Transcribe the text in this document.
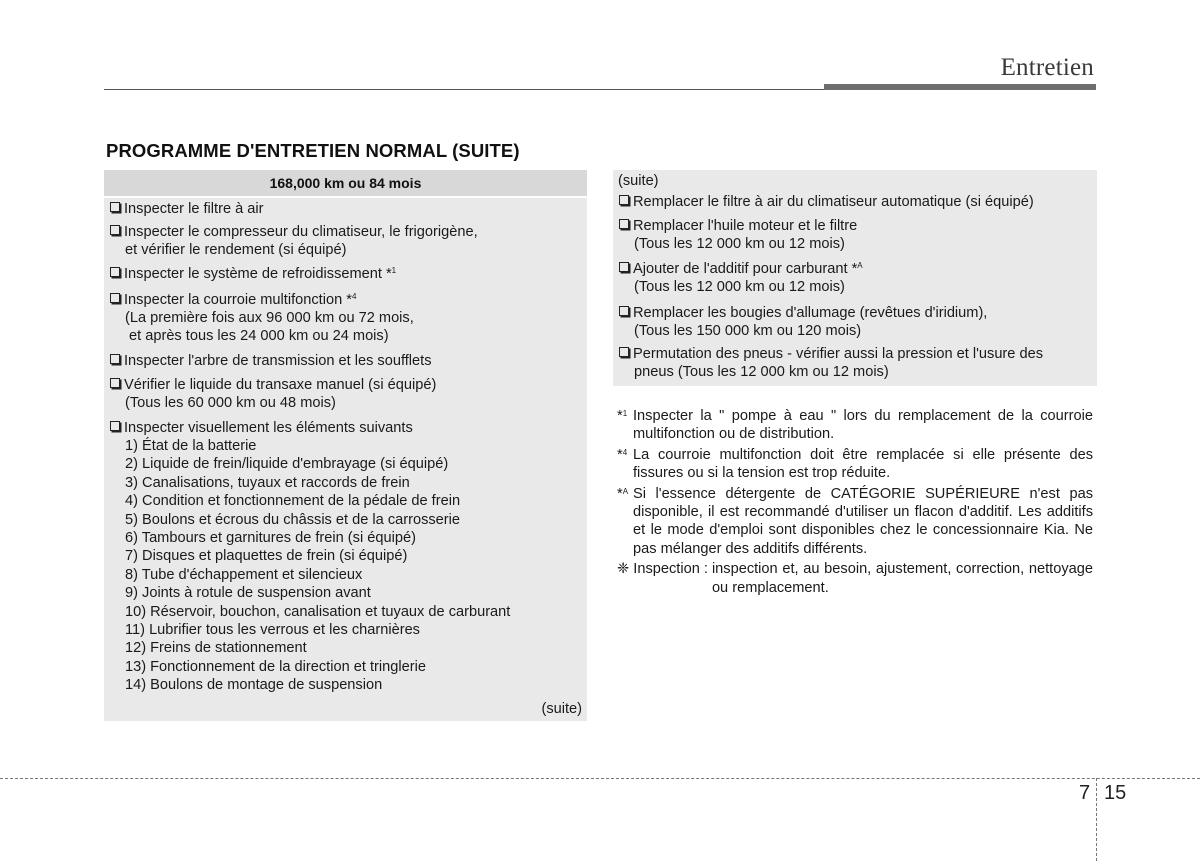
Entretien
PROGRAMME D'ENTRETIEN NORMAL (SUITE)
168,000 km ou 84 mois
Inspecter le filtre à air
Inspecter le compresseur du climatiseur, le frigorigène,
et vérifier le rendement (si équipé)
Inspecter le système de refroidissement *$^1$
Inspecter la courroie multifonction *$^4$
(La première fois aux 96 000 km ou 72 mois,
et après tous les 24 000 km ou 24 mois)
Inspecter l'arbre de transmission et les soufflets
Vérifier le liquide du transaxe manuel (si équipé)
(Tous les 60 000 km ou 48 mois)
Inspecter visuellement les éléments suivants
1) État de la batterie
2) Liquide de frein/liquide d'embrayage (si équipé)
3) Canalisations, tuyaux et raccords de frein
4) Condition et fonctionnement de la pédale de frein
5) Boulons et écrous du châssis et de la carrosserie
6) Tambours et garnitures de frein (si équipé)
7) Disques et plaquettes de frein (si équipé)
8) Tube d'échappement et silencieux
9) Joints à rotule de suspension avant
10) Réservoir, bouchon, canalisation et tuyaux de carburant
11) Lubrifier tous les verrous et les charnières
12) Freins de stationnement
13) Fonctionnement de la direction et tringlerie
14) Boulons de montage de suspension
(suite)
(suite)
Remplacer le filtre à air du climatiseur automatique (si équipé)
Remplacer l'huile moteur et le filtre
(Tous les 12 000 km ou 12 mois)
Ajouter de l'additif pour carburant *$^A$
(Tous les 12 000 km ou 12 mois)
Remplacer les bougies d'allumage (revêtues d'iridium),
(Tous les 150 000 km ou 120 mois)
Permutation des pneus - vérifier aussi la pression et l'usure des
pneus (Tous les 12 000 km ou 12 mois)
*$^1$ Inspecter la " pompe à eau " lors du remplacement de la courroie multifonction ou de distribution.
*$^4$ La courroie multifonction doit être remplacée si elle présente des fissures ou si la tension est trop réduite.
*$^A$ Si l'essence détergente de CATÉGORIE SUPÉRIEURE n'est pas disponible, il est recommandé d'utiliser un flacon d'additif. Les additifs et le mode d'emploi sont disponibles chez le concessionnaire Kia. Ne pas mélanger des additifs différents.
❈ Inspection : inspection et, au besoin, ajustement, correction, nettoyage ou remplacement.
7 15
